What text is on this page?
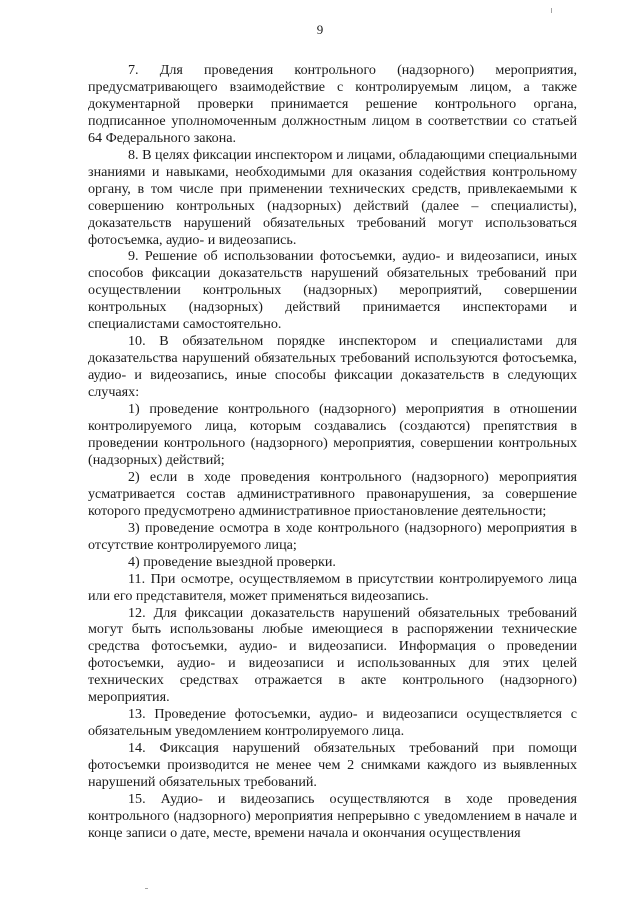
9

7. Для проведения контрольного (надзорного) мероприятия, предусматривающего взаимодействие с контролируемым лицом, а также документарной проверки принимается решение контрольного органа, подписанное уполномоченным должностным лицом в соответствии со статьей 64 Федерального закона.

8. В целях фиксации инспектором и лицами, обладающими специальными знаниями и навыками, необходимыми для оказания содействия контрольному органу, в том числе при применении технических средств, привлекаемыми к совершению контрольных (надзорных) действий (далее – специалисты), доказательств нарушений обязательных требований могут использоваться фотосъемка, аудио- и видеозапись.

9. Решение об использовании фотосъемки, аудио- и видеозаписи, иных способов фиксации доказательств нарушений обязательных требований при осуществлении контрольных (надзорных) мероприятий, совершении контрольных (надзорных) действий принимается инспекторами и специалистами самостоятельно.

10. В обязательном порядке инспектором и специалистами для доказательства нарушений обязательных требований используются фотосъемка, аудио- и видеозапись, иные способы фиксации доказательств в следующих случаях:

1) проведение контрольного (надзорного) мероприятия в отношении контролируемого лица, которым создавались (создаются) препятствия в проведении контрольного (надзорного) мероприятия, совершении контрольных (надзорных) действий;

2) если в ходе проведения контрольного (надзорного) мероприятия усматривается состав административного правонарушения, за совершение которого предусмотрено административное приостановление деятельности;

3) проведение осмотра в ходе контрольного (надзорного) мероприятия в отсутствие контролируемого лица;

4) проведение выездной проверки.

11. При осмотре, осуществляемом в присутствии контролируемого лица или его представителя, может применяться видеозапись.

12. Для фиксации доказательств нарушений обязательных требований могут быть использованы любые имеющиеся в распоряжении технические средства фотосъемки, аудио- и видеозаписи. Информация о проведении фотосъемки, аудио- и видеозаписи и использованных для этих целей технических средствах отражается в акте контрольного (надзорного) мероприятия.

13. Проведение фотосъемки, аудио- и видеозаписи осуществляется с обязательным уведомлением контролируемого лица.

14. Фиксация нарушений обязательных требований при помощи фотосъемки производится не менее чем 2 снимками каждого из выявленных нарушений обязательных требований.

15. Аудио- и видеозапись осуществляются в ходе проведения контрольного (надзорного) мероприятия непрерывно с уведомлением в начале и конце записи о дате, месте, времени начала и окончания осуществления
